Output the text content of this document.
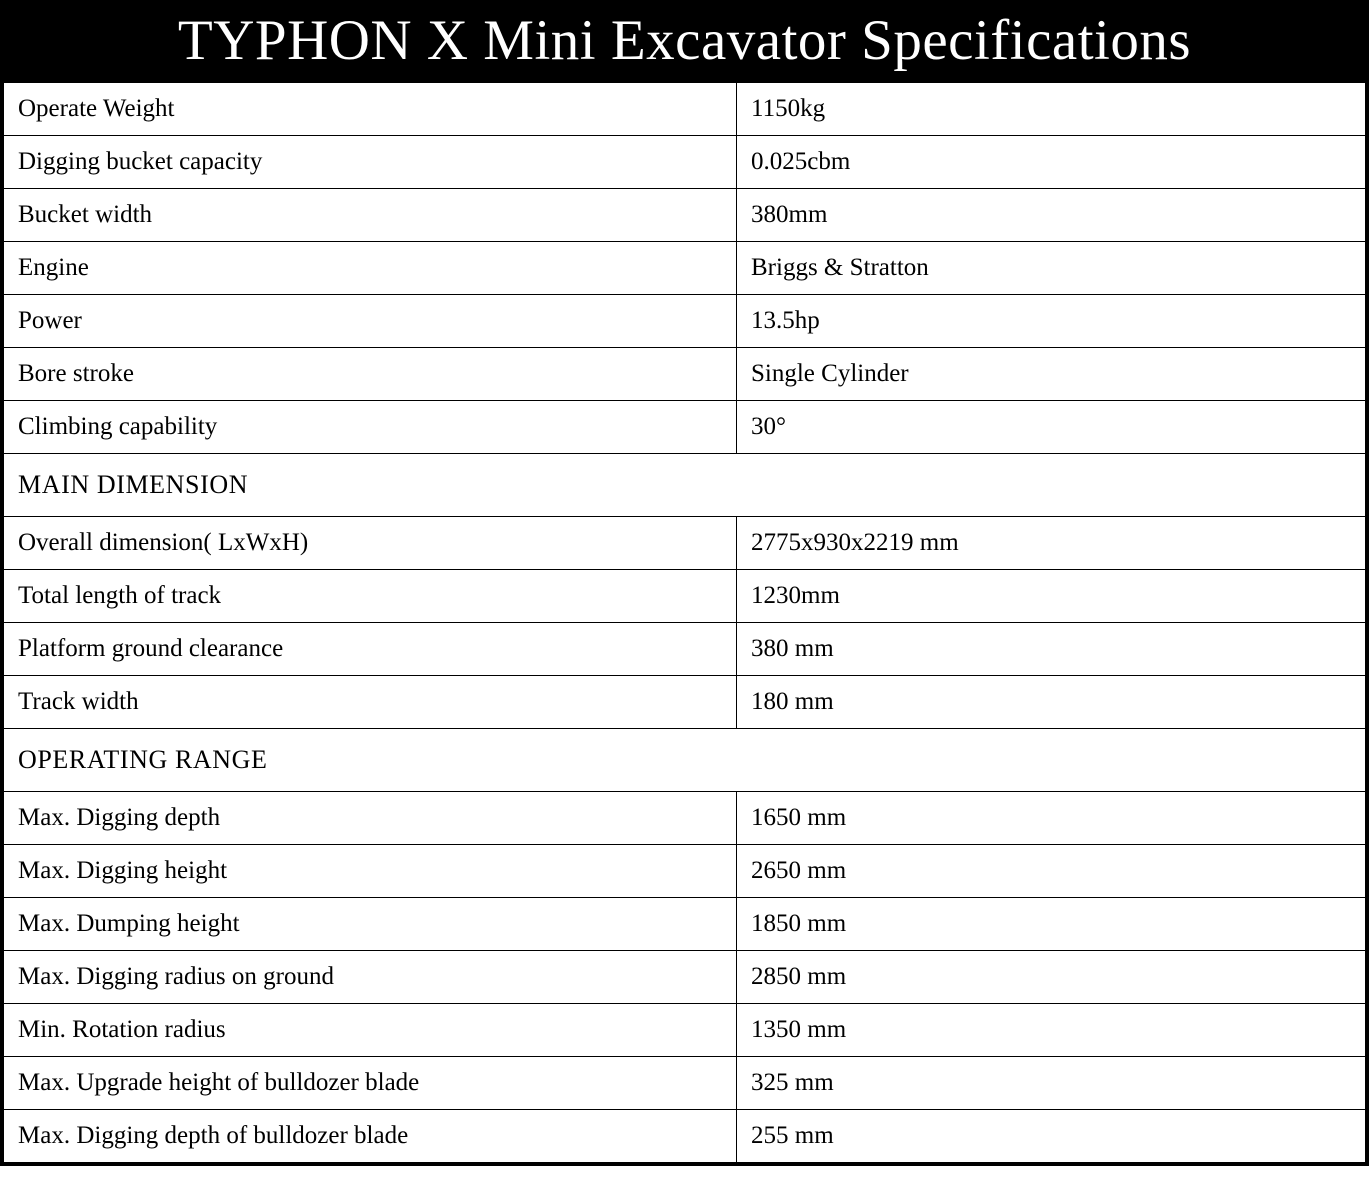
TYPHON X Mini Excavator Specifications
Operate Weight	1150kg
Digging bucket capacity	0.025cbm
Bucket width	380mm
Engine	Briggs & Stratton
Power	13.5hp
Bore stroke	Single Cylinder
Climbing capability	30°
MAIN DIMENSION	
Overall dimension( LxWxH)	2775x930x2219 mm
Total length of track	1230mm
Platform ground clearance	380 mm
Track width	180 mm
OPERATING RANGE	
Max. Digging depth	1650 mm
Max. Digging height	2650 mm
Max. Dumping height	1850 mm
Max. Digging radius on ground	2850 mm
Min. Rotation radius	1350 mm
Max. Upgrade height of bulldozer blade	325 mm
Max. Digging depth of bulldozer blade	255 mm
